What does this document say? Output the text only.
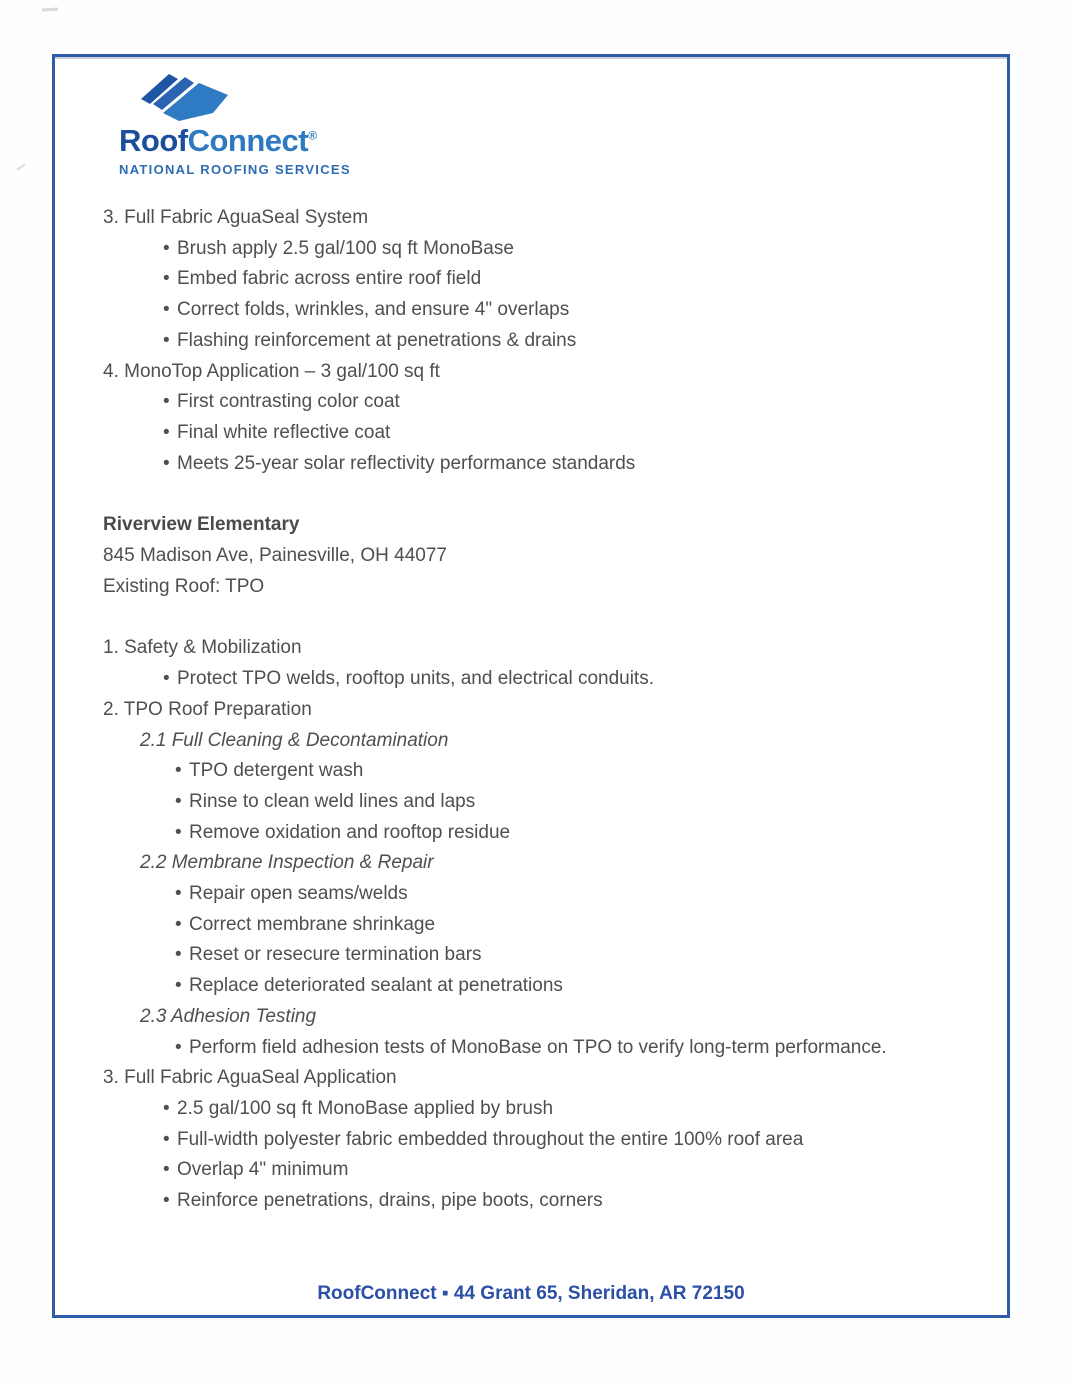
RoofConnect®
NATIONAL ROOFING SERVICES
3. Full Fabric AguaSeal System
• Brush apply 2.5 gal/100 sq ft MonoBase
• Embed fabric across entire roof field
• Correct folds, wrinkles, and ensure 4" overlaps
• Flashing reinforcement at penetrations & drains
4. MonoTop Application – 3 gal/100 sq ft
• First contrasting color coat
• Final white reflective coat
• Meets 25-year solar reflectivity performance standards
Riverview Elementary
845 Madison Ave, Painesville, OH 44077
Existing Roof: TPO
1. Safety & Mobilization
• Protect TPO welds, rooftop units, and electrical conduits.
2. TPO Roof Preparation
2.1 Full Cleaning & Decontamination
• TPO detergent wash
• Rinse to clean weld lines and laps
• Remove oxidation and rooftop residue
2.2 Membrane Inspection & Repair
• Repair open seams/welds
• Correct membrane shrinkage
• Reset or resecure termination bars
• Replace deteriorated sealant at penetrations
2.3 Adhesion Testing
• Perform field adhesion tests of MonoBase on TPO to verify long-term performance.
3. Full Fabric AguaSeal Application
• 2.5 gal/100 sq ft MonoBase applied by brush
• Full-width polyester fabric embedded throughout the entire 100% roof area
• Overlap 4" minimum
• Reinforce penetrations, drains, pipe boots, corners
RoofConnect ▪ 44 Grant 65, Sheridan, AR 72150
